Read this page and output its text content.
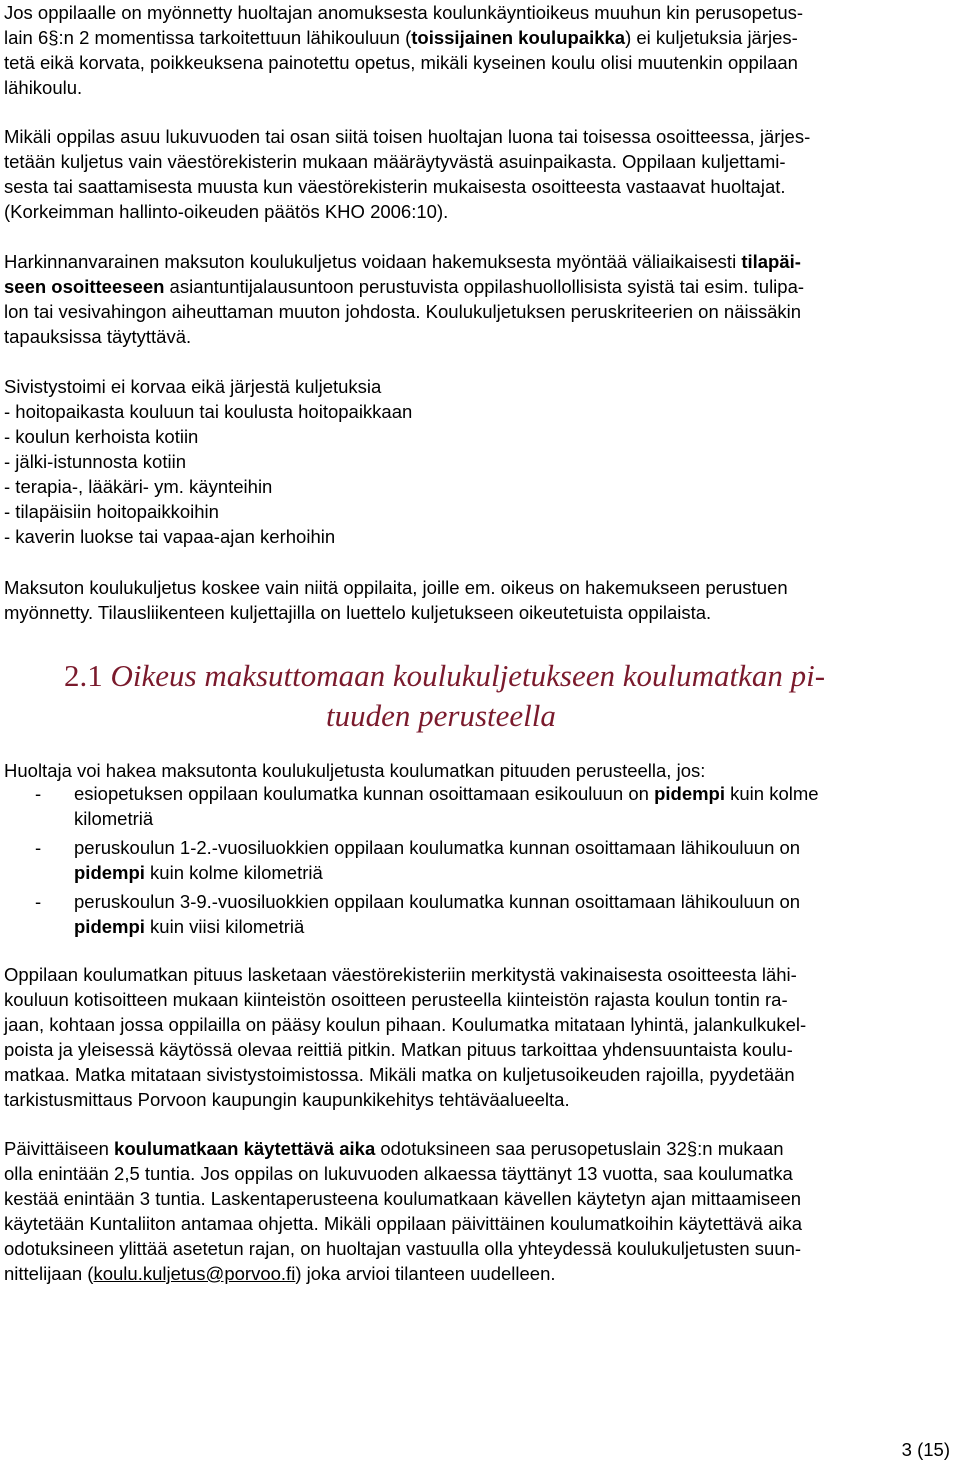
Jos oppilaalle on myönnetty huoltajan anomuksesta koulunkäyntioikeus muuhun kin perusopetus-
lain 6§:n 2 momentissa tarkoitettuun lähikouluun (toissijainen koulupaikka) ei kuljetuksia järjes-
tetä eikä korvata, poikkeuksena painotettu opetus, mikäli kyseinen koulu olisi muutenkin oppilaan
lähikoulu.
Mikäli oppilas asuu lukuvuoden tai osan siitä toisen huoltajan luona tai toisessa osoitteessa, järjes-
tetään kuljetus vain väestörekisterin mukaan määräytyvästä asuinpaikasta. Oppilaan kuljettami-
sesta tai saattamisesta muusta kun väestörekisterin mukaisesta osoitteesta vastaavat huoltajat.
(Korkeimman hallinto-oikeuden päätös KHO 2006:10).
Harkinnanvarainen maksuton koulukuljetus voidaan hakemuksesta myöntää väliaikaisesti tilapäi-
seen osoitteeseen asiantuntijalausuntoon perustuvista oppilashuollollisista syistä tai esim. tulipa-
lon tai vesivahingon aiheuttaman muuton johdosta. Koulukuljetuksen peruskriteerien on näissäkin
tapauksissa täytyttävä.
Sivistystoimi ei korvaa eikä järjestä kuljetuksia
- hoitopaikasta kouluun tai koulusta hoitopaikkaan
- koulun kerhoista kotiin
- jälki-istunnosta kotiin
- terapia-, lääkäri- ym. käynteihin
- tilapäisiin hoitopaikkoihin
- kaverin luokse tai vapaa-ajan kerhoihin
Maksuton koulukuljetus koskee vain niitä oppilaita, joille em. oikeus on hakemukseen perustuen
myönnetty. Tilausliikenteen kuljettajilla on luettelo kuljetukseen oikeutetuista oppilaista.
2.1 Oikeus maksuttomaan koulukuljetukseen koulumatkan pi-
tuuden perusteella
Huoltaja voi hakea maksutonta koulukuljetusta koulumatkan pituuden perusteella, jos:
- esiopetuksen oppilaan koulumatka kunnan osoittamaan esikouluun on pidempi kuin kolme
kilometriä
- peruskoulun 1-2.-vuosiluokkien oppilaan koulumatka kunnan osoittamaan lähikouluun on
pidempi kuin kolme kilometriä
- peruskoulun 3-9.-vuosiluokkien oppilaan koulumatka kunnan osoittamaan lähikouluun on
pidempi kuin viisi kilometriä
Oppilaan koulumatkan pituus lasketaan väestörekisteriin merkitystä vakinaisesta osoitteesta lähi-
kouluun kotisoitteen mukaan kiinteistön osoitteen perusteella kiinteistön rajasta koulun tontin ra-
jaan, kohtaan jossa oppilailla on pääsy koulun pihaan. Koulumatka mitataan lyhintä, jalankulkukel-
poista ja yleisessä käytössä olevaa reittiä pitkin. Matkan pituus tarkoittaa yhdensuuntaista koulu-
matkaa. Matka mitataan sivistystoimistossa. Mikäli matka on kuljetusoikeuden rajoilla, pyydetään
tarkistusmittaus Porvoon kaupungin kaupunkikehitys tehtäväalueelta.
Päivittäiseen koulumatkaan käytettävä aika odotuksineen saa perusopetuslain 32§:n mukaan
olla enintään 2,5 tuntia. Jos oppilas on lukuvuoden alkaessa täyttänyt 13 vuotta, saa koulumatka
kestää enintään 3 tuntia. Laskentaperusteena koulumatkaan kävellen käytetyn ajan mittaamiseen
käytetään Kuntaliiton antamaa ohjetta. Mikäli oppilaan päivittäinen koulumatkoihin käytettävä aika
odotuksineen ylittää asetetun rajan, on huoltajan vastuulla olla yhteydessä koulukuljetusten suun-
nittelijaan (koulu.kuljetus@porvoo.fi) joka arvioi tilanteen uudelleen.
3 (15)
